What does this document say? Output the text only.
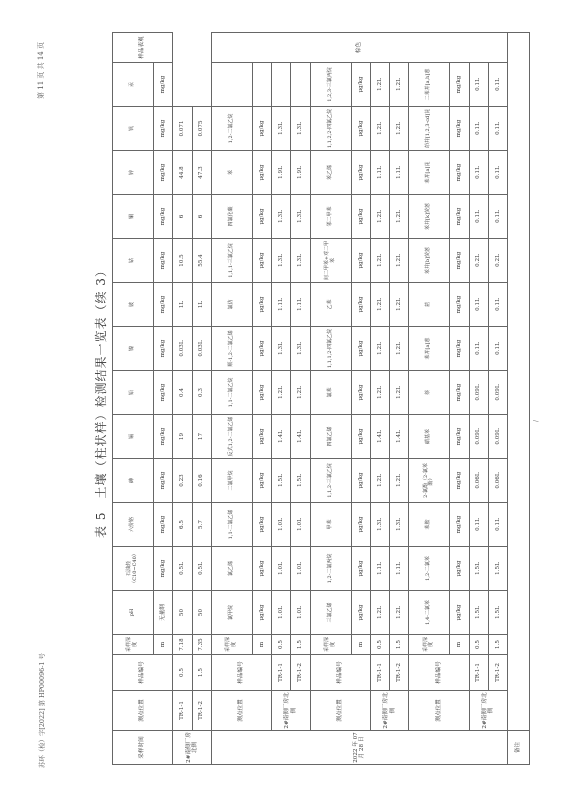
苏环（检）字[2022] 第 HP00096-1 号
第 11 页 共 14 页
表 5　土壤（柱状样）检测结果一览表（续 3）
采样时间	测点位置	样品编号	采样深度	pH	石油烃（C10~C40）	六价铬	砷	镉	铅	镍	铍	钴	铜	锌	钒	汞	样品表观
			m	无量纲	mg/kg	mg/kg	mg/kg	mg/kg	mg/kg	mg/kg	mg/kg	mg/kg	mg/kg	mg/kg	mg/kg	mg/kg	
2#南侧厂房北侧	TR-1-1	0.5	7.18	50	0.5L	6.5	0.23	19	0.4	0.03L	1L	10.5	6	44.8	0.071		
	TR-1-2	1.5	7.35	50	0.5L	5.7	0.16	17	0.3	0.03L	1L	55.4	6	47.3	0.075		
2022 年 07 月 28 日	测点位置	样品编号	采样深度	氯甲烷	氯乙烯	1,1-二氯乙烯	二氯甲烷	反式1,2-二氯乙烯	1,1-二氯乙烷	顺-1,2-二氯乙烯	氯仿	1,1,1-三氯乙烷	四氯化碳	苯	1,2-二氯乙烷		棕色
			m	μg/kg	μg/kg	μg/kg	μg/kg	μg/kg	μg/kg	μg/kg	μg/kg	μg/kg	μg/kg	μg/kg	μg/kg		
	2#南侧厂房北侧	TR-1-1	0.5	1.0L	1.0L	1.0L	1.5L	1.4L	1.2L	1.3L	1.1L	1.3L	1.3L	1.9L	1.3L		
		TR-1-2	1.5	1.0L	1.0L	1.0L	1.5L	1.4L	1.2L	1.3L	1.1L	1.3L	1.3L	1.9L	1.3L		
	测点位置	样品编号	采样深度	三氯乙烯	1,2-二氯丙烷	甲苯	1,1,2-三氯乙烷	四氯乙烯	氯苯	1,1,1,2-四氯乙烷	乙苯	间二甲苯+对二甲苯	邻二甲苯	苯乙烯	1,1,2,2-四氯乙烷	1,2,3-三氯丙烷	
			m	μg/kg	μg/kg	μg/kg	μg/kg	μg/kg	μg/kg	μg/kg	μg/kg	μg/kg	μg/kg	μg/kg	μg/kg	μg/kg	
	2#南侧厂房北侧	TR-1-1	0.5	1.2L	1.1L	1.3L	1.2L	1.4L	1.2L	1.2L	1.2L	1.2L	1.2L	1.1L	1.2L	1.2L	
		TR-1-2	1.5	1.2L	1.1L	1.3L	1.2L	1.4L	1.2L	1.2L	1.2L	1.2L	1.2L	1.1L	1.2L	1.2L	
	测点位置	样品编号	采样深度	1,4-二氯苯	1,2-二氯苯	苯胺	2-氯酚（2-氯苯酚）	硝基苯	萘	苯并[a]蒽	䓛	苯并[b]荧蒽	苯并[k]荧蒽	苯并[a]芘	茚并[1,2,3-cd]芘	二苯并[a,h]蒽	
			m	μg/kg	μg/kg	mg/kg	mg/kg	mg/kg	mg/kg	mg/kg	mg/kg	mg/kg	mg/kg	mg/kg	mg/kg	mg/kg	
	2#南侧厂房北侧	TR-1-1	0.5	1.5L	1.5L	0.1L	0.06L	0.09L	0.09L	0.1L	0.1L	0.2L	0.1L	0.1L	0.1L	0.1L	
		TR-1-2	1.5	1.5L	1.5L	0.1L	0.06L	0.09L	0.09L	0.1L	0.1L	0.2L	0.1L	0.1L	0.1L	0.1L	
备注																	
/
